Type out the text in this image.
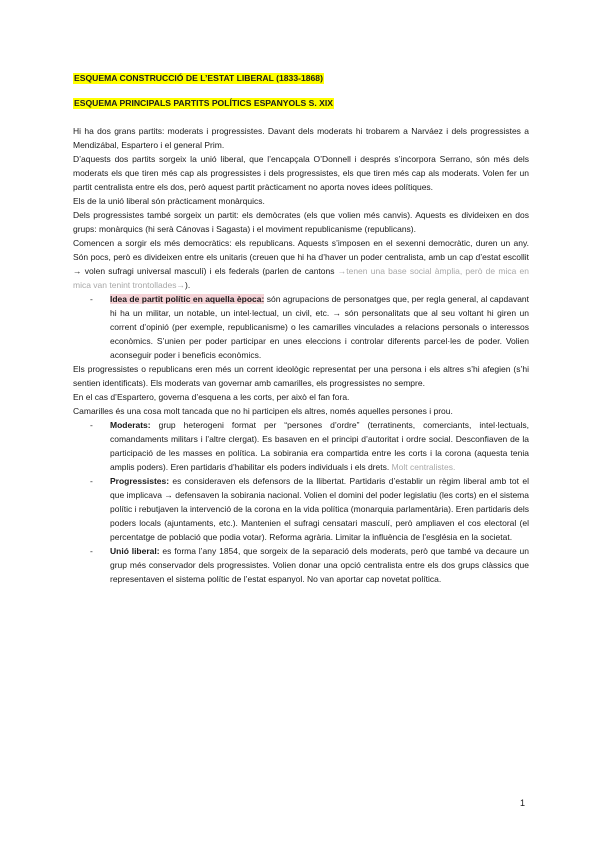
ESQUEMA CONSTRUCCIÓ DE L’ESTAT LIBERAL (1833-1868)
ESQUEMA PRINCIPALS PARTITS POLÍTICS ESPANYOLS S. XIX

Hi ha dos grans partits: moderats i progressistes. Davant dels moderats hi trobarem a Narváez i dels progressistes a Mendizábal, Espartero i el general Prim.

D’aquests dos partits sorgeix la unió liberal, que l’encapçala O’Donnell i després s’incorpora Serrano, són més dels moderats els que tiren més cap als progressistes i dels progressistes, els que tiren més cap als moderats. Volen fer un partit centralista entre els dos, però aquest partit pràcticament no aporta noves idees polítiques.

Els de la unió liberal són pràcticament monàrquics.

Dels progressistes també sorgeix un partit: els demòcrates (els que volien més canvis). Aquests es divideixen en dos grups: monàrquics (hi serà Cánovas i Sagasta) i el moviment republicanisme (republicans).

Comencen a sorgir els més democràtics: els republicans. Aquests s’imposen en el sexenni democràtic, duren un any. Són pocs, però es divideixen entre els unitaris (creuen que hi ha d’haver un poder centralista, amb un cap d’estat escollit → volen sufragi universal masculí) i els federals (parlen de cantons →tenen una base social àmplia, però de mica en mica van tenint trontollades→).

- Idea de partit polític en aquella època: són agrupacions de personatges que, per regla general, al capdavant hi ha un militar, un notable, un intel·lectual, un civil, etc. → són personalitats que al seu voltant hi giren un corrent d’opinió (per exemple, republicanisme) o les camarilles vinculades a relacions personals o interessos econòmics. S’unien per poder participar en unes eleccions i controlar diferents parcel·les de poder. Volien aconseguir poder i beneficis econòmics.

Els progressistes o republicans eren més un corrent ideològic representat per una persona i els altres s’hi afegien (s’hi sentien identificats). Els moderats van governar amb camarilles, els progressistes no sempre.

En el cas d’Espartero, governa d’esquena a les corts, per això el fan fora.

Camarilles és una cosa molt tancada que no hi participen els altres, només aquelles persones i prou.

- Moderats: grup heterogeni format per “persones d’ordre” (terratinents, comerciants, intel·lectuals, comandaments militars i l’altre clergat). Es basaven en el principi d’autoritat i ordre social. Desconfiaven de la participació de les masses en política. La sobirania era compartida entre les corts i la corona (aquesta tenia amplis poders). Eren partidaris d’habilitar els poders individuals i els drets. Molt centralistes.
- Progressistes: es consideraven els defensors de la llibertat. Partidaris d’establir un règim liberal amb tot el que implicava → defensaven la sobirania nacional. Volien el domini del poder legislatiu (les corts) en el sistema polític i rebutjaven la intervenció de la corona en la vida política (monarquia parlamentària). Eren partidaris dels poders locals (ajuntaments, etc.). Mantenien el sufragi censatari masculí, però ampliaven el cos electoral (el percentatge de població que podia votar). Reforma agrària. Limitar la influència de l’església en la societat.
- Unió liberal: es forma l’any 1854, que sorgeix de la separació dels moderats, però que també va decaure un grup més conservador dels progressistes. Volien donar una opció centralista entre els dos grups clàssics que representaven el sistema polític de l’estat espanyol. No van aportar cap novetat política.
1
